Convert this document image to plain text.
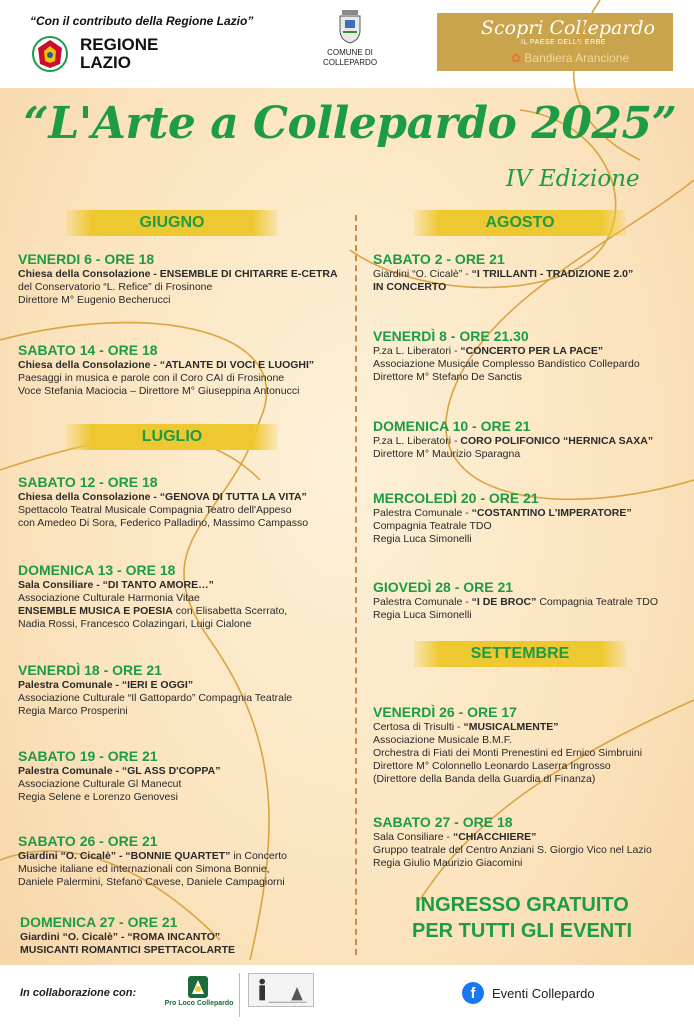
“Con il contributo della Regione Lazio”
REGIONE
LAZIO
COMUNE DI
COLLEPARDO
Scopri Collepardo
IL PAESE DELLE ERBE
✿ Bandiera Arancione
“L'Arte a Collepardo 2025”
IV Edizione
GIUGNO
LUGLIO
AGOSTO
SETTEMBRE
VENERDI 6 - ORE 18
Chiesa della Consolazione - ENSEMBLE DI CHITARRE E-CETRA
del Conservatorio “L. Refice” di Frosinone
Direttore M° Eugenio Becherucci
SABATO 14 - ORE 18
Chiesa della Consolazione - “ATLANTE DI VOCI E LUOGHI”
Paesaggi in musica e parole con il Coro CAI di Frosinone
Voce Stefania Maciocia – Direttore M° Giuseppina Antonucci
SABATO 12 - ORE 18
Chiesa della Consolazione - “GENOVA DI TUTTA LA VITA”
Spettacolo Teatral Musicale Compagnia Teatro dell'Appeso
con Amedeo Di Sora, Federico Palladino, Massimo Campasso
DOMENICA 13 - ORE 18
Sala Consiliare - “DI TANTO AMORE…”
Associazione Culturale Harmonia Vitae
ENSEMBLE MUSICA E POESIA con Elisabetta Scerrato,
Nadia Rossi, Francesco Colazingari, Luigi Cialone
VENERDÌ 18 - ORE 21
Palestra Comunale - “IERI E OGGI”
Associazione Culturale “Il Gattopardo” Compagnia Teatrale
Regia Marco Prosperini
SABATO 19 - ORE 21
Palestra Comunale - “GL ASS D'COPPA”
Associazione Culturale Gl Manecut
Regia Selene e Lorenzo Genovesi
SABATO 26 - ORE 21
Giardini “O. Cicalè” - “BONNIE QUARTET” in Concerto
Musiche italiane ed internazionali con Simona Bonnie,
Daniele Palermini, Stefano Cavese, Daniele Campagiorni
DOMENICA 27 - ORE 21
Giardini “O. Cicalè” - “ROMA INCANTO”
MUSICANTI ROMANTICI SPETTACOLARTE
SABATO 2 - ORE 21
Giardini “O. Cicalè” - “I TRILLANTI - TRADIZIONE 2.0”
IN CONCERTO
VENERDÌ 8 - ORE 21.30
P.za L. Liberatori - “CONCERTO PER LA PACE”
Associazione Musicale Complesso Bandistico Collepardo
Direttore M° Stefano De Sanctis
DOMENICA 10 - ORE 21
P.za L. Liberatori - CORO POLIFONICO “HERNICA SAXA”
Direttore M° Maurizio Sparagna
MERCOLEDÌ 20 - ORE 21
Palestra Comunale - “COSTANTINO L'IMPERATORE”
Compagnia Teatrale TDO
Regia Luca Simonelli
GIOVEDÌ 28 - ORE 21
Palestra Comunale - “I DE BROC” Compagnia Teatrale TDO
Regia Luca Simonelli
VENERDÌ 26 - ORE 17
Certosa di Trisulti - “MUSICALMENTE”
Associazione Musicale B.M.F.
Orchestra di Fiati dei Monti Prenestini ed Ernico Simbruini
Direttore M° Colonnello Leonardo Laserra Ingrosso
(Direttore della Banda della Guardia di Finanza)
SABATO 27 - ORE 18
Sala Consiliare - “CHIACCHIERE”
Gruppo teatrale del Centro Anziani S. Giorgio Vico nel Lazio
Regia Giulio Maurizio Giacomini
INGRESSO GRATUITO
PER TUTTI GLI EVENTI
In collaborazione con:
Pro Loco Collepardo
f	Eventi Collepardo
